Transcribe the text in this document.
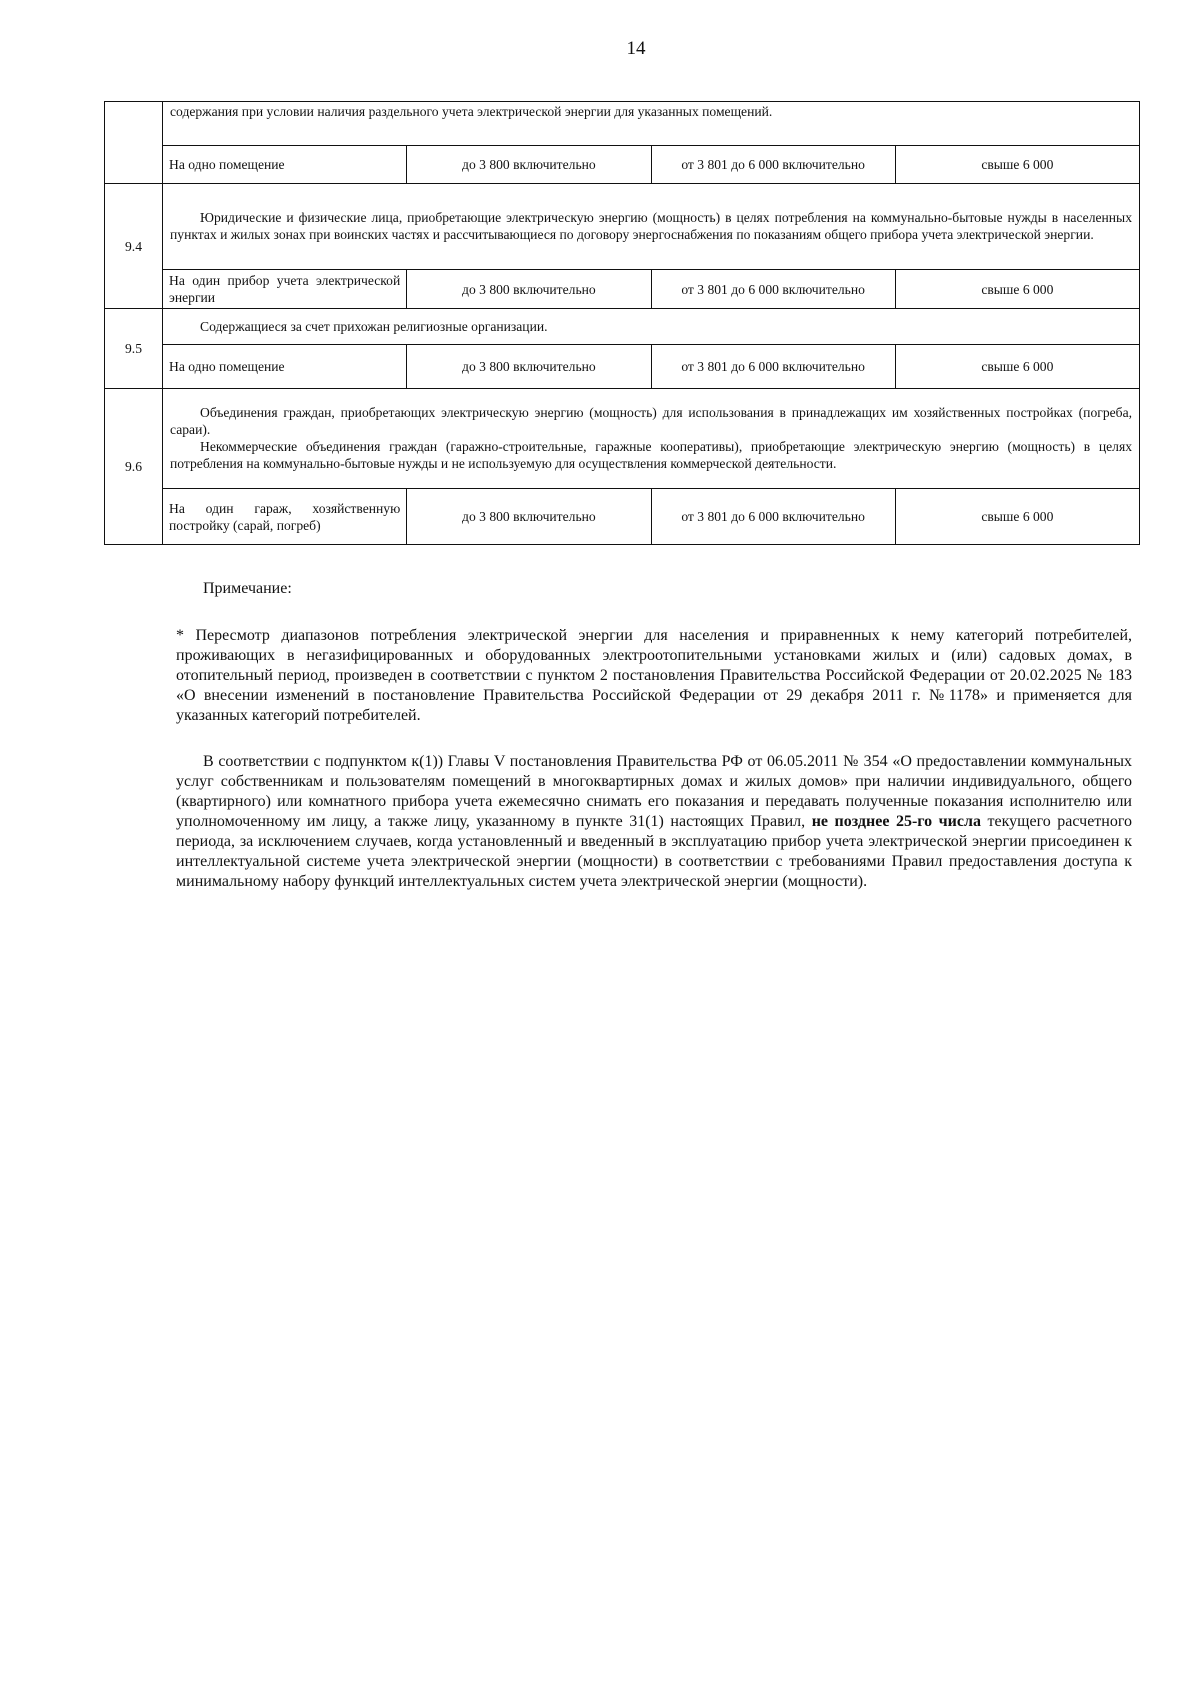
14

	содержания при условии наличия раздельного учета электрической энергии для указанных помещений.			

	На одно помещение	до 3 800 включительно	от 3 801 до 6 000 включительно	свыше 6 000
9.4	Юридические и физические лица, приобретающие электрическую энергию (мощность) в целях потребления на коммунально-бытовые нужды в населенных пунктах и жилых зонах при воинских частях и рассчитывающиеся по договору энергоснабжения по показаниям общего прибора учета электрической энергии.			

	На один прибор учета электрической энергии	до 3 800 включительно	от 3 801 до 6 000 включительно	свыше 6 000
9.5	Содержащиеся за счет прихожан религиозные организации.			

	На одно помещение	до 3 800 включительно	от 3 801 до 6 000 включительно	свыше 6 000
9.6	Объединения граждан, приобретающих электрическую энергию (мощность) для использования в принадлежащих им хозяйственных постройках (погреба, сараи).

Некоммерческие объединения граждан (гаражно-строительные, гаражные кооперативы), приобретающие электрическую энергию (мощность) в целях потребления на коммунально-бытовые нужды и не используемую для осуществления коммерческой деятельности.			

	На один гараж, хозяйственную постройку (сарай, погреб)	до 3 800 включительно	от 3 801 до 6 000 включительно	свыше 6 000
Примечание:

* Пересмотр диапазонов потребления электрической энергии для населения и приравненных к нему категорий потребителей, проживающих в негазифицированных и оборудованных электроотопительными установками жилых и (или) садовых домах, в отопительный период, произведен в соответствии с пунктом 2 постановления Правительства Российской Федерации от 20.02.2025 № 183 «О внесении изменений в постановление Правительства Российской Федерации от 29 декабря 2011 г. №1178» и применяется для указанных категорий потребителей.

В соответствии с подпунктом к(1)) Главы V постановления Правительства РФ от 06.05.2011 № 354 «О предоставлении коммунальных услуг собственникам и пользователям помещений в многоквартирных домах и жилых домов» при наличии индивидуального, общего (квартирного) или комнатного прибора учета ежемесячно снимать его показания и передавать полученные показания исполнителю или уполномоченному им лицу, а также лицу, указанному в пункте 31(1) настоящих Правил, не позднее 25-го числа текущего расчетного периода, за исключением случаев, когда установленный и введенный в эксплуатацию прибор учета электрической энергии присоединен к интеллектуальной системе учета электрической энергии (мощности) в соответствии с требованиями Правил предоставления доступа к минимальному набору функций интеллектуальных систем учета электрической энергии (мощности).
